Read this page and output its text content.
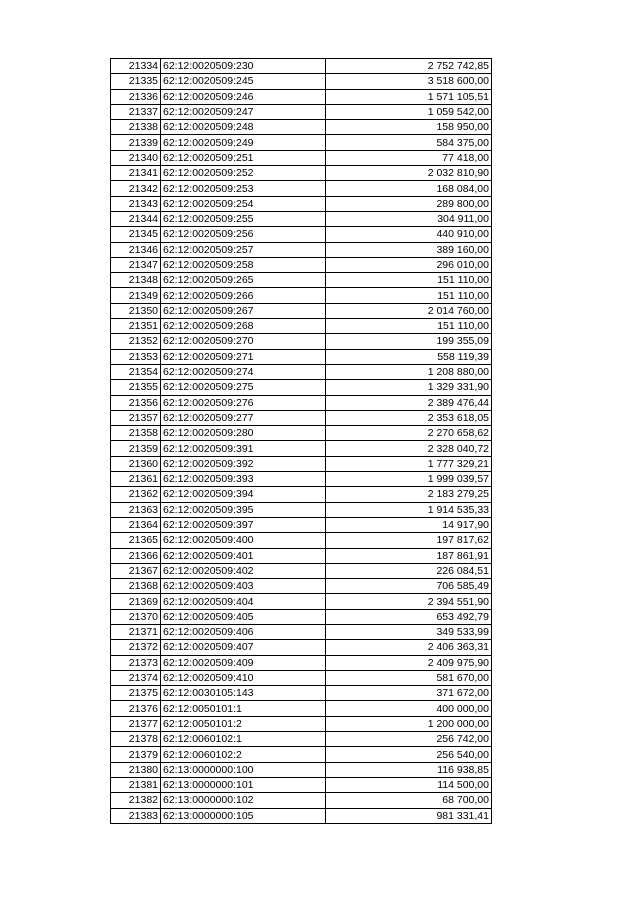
21334	62:12:0020509:230	2 752 742,85
21335	62:12:0020509:245	3 518 600,00
21336	62:12:0020509:246	1 571 105,51
21337	62:12:0020509:247	1 059 542,00
21338	62:12:0020509:248	158 950,00
21339	62:12:0020509:249	584 375,00
21340	62:12:0020509:251	77 418,00
21341	62:12:0020509:252	2 032 810,90
21342	62:12:0020509:253	168 084,00
21343	62:12:0020509:254	289 800,00
21344	62:12:0020509:255	304 911,00
21345	62:12:0020509:256	440 910,00
21346	62:12:0020509:257	389 160,00
21347	62:12:0020509:258	296 010,00
21348	62:12:0020509:265	151 110,00
21349	62:12:0020509:266	151 110,00
21350	62:12:0020509:267	2 014 760,00
21351	62:12:0020509:268	151 110,00
21352	62:12:0020509:270	199 355,09
21353	62:12:0020509:271	558 119,39
21354	62:12:0020509:274	1 208 880,00
21355	62:12:0020509:275	1 329 331,90
21356	62:12:0020509:276	2 389 476,44
21357	62:12:0020509:277	2 353 618,05
21358	62:12:0020509:280	2 270 658,62
21359	62:12:0020509:391	2 328 040,72
21360	62:12:0020509:392	1 777 329,21
21361	62:12:0020509:393	1 999 039,57
21362	62:12:0020509:394	2 183 279,25
21363	62:12:0020509:395	1 914 535,33
21364	62:12:0020509:397	14 917,90
21365	62:12:0020509:400	197 817,62
21366	62:12:0020509:401	187 861,91
21367	62:12:0020509:402	226 084,51
21368	62:12:0020509:403	706 585,49
21369	62:12:0020509:404	2 394 551,90
21370	62:12:0020509:405	653 492,79
21371	62:12:0020509:406	349 533,99
21372	62:12:0020509:407	2 406 363,31
21373	62:12:0020509:409	2 409 975,90
21374	62:12:0020509:410	581 670,00
21375	62:12:0030105:143	371 672,00
21376	62:12:0050101:1	400 000,00
21377	62:12:0050101:2	1 200 000,00
21378	62:12:0060102:1	256 742,00
21379	62:12:0060102:2	256 540,00
21380	62:13:0000000:100	116 938,85
21381	62:13:0000000:101	114 500,00
21382	62:13:0000000:102	68 700,00
21383	62:13:0000000:105	981 331,41
